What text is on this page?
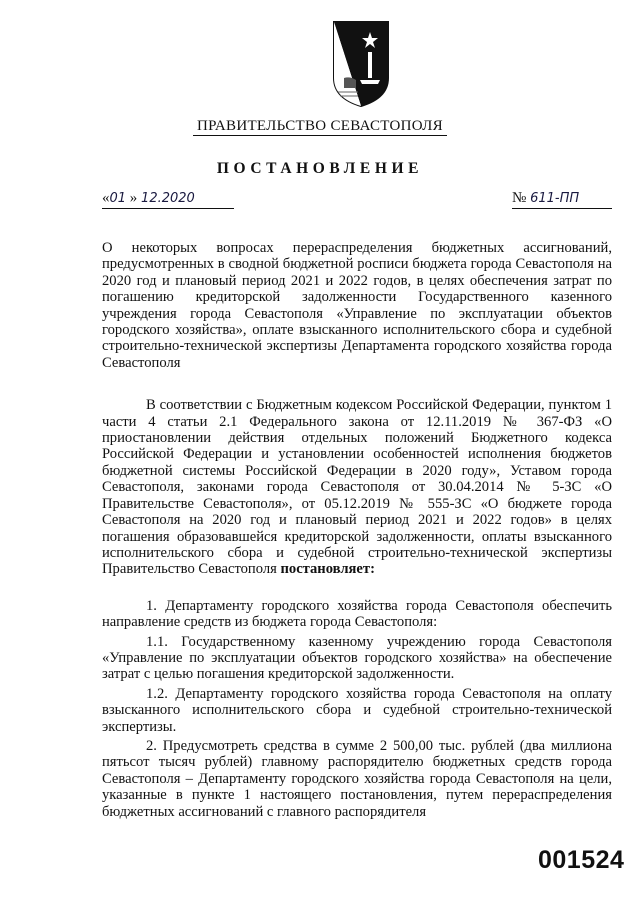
ПРАВИТЕЛЬСТВО СЕВАСТОПОЛЯ
ПОСТАНОВЛЕНИЕ
«01 » 12.2020	№ 611-ПП

О некоторых вопросах перераспределения бюджетных ассигнований, предусмотренных в сводной бюджетной росписи бюджета города Севастополя на 2020 год и плановый период 2021 и 2022 годов, в целях обеспечения затрат по погашению кредиторской задолженности Государственного казенного учреждения города Севастополя «Управление по эксплуатации объектов городского хозяйства», оплате взысканного исполнительского сбора и судебной строительно-технической экспертизы Департамента городского хозяйства города Севастополя

В соответствии с Бюджетным кодексом Российской Федерации, пунктом 1 части 4 статьи 2.1 Федерального закона от 12.11.2019 № 367-ФЗ «О приостановлении действия отдельных положений Бюджетного кодекса Российской Федерации и установлении особенностей исполнения бюджетов бюджетной системы Российской Федерации в 2020 году», Уставом города Севастополя, законами города Севастополя от 30.04.2014 № 5-ЗС «О Правительстве Севастополя», от 05.12.2019 № 555-ЗС «О бюджете города Севастополя на 2020 год и плановый период 2021 и 2022 годов» в целях погашения образовавшейся кредиторской задолженности, оплаты взысканного исполнительского сбора и судебной строительно-технической экспертизы Правительство Севастополя постановляет:

1. Департаменту городского хозяйства города Севастополя обеспечить направление средств из бюджета города Севастополя:

1.1. Государственному казенному учреждению города Севастополя «Управление по эксплуатации объектов городского хозяйства» на обеспечение затрат с целью погашения кредиторской задолженности.

1.2. Департаменту городского хозяйства города Севастополя на оплату взысканного исполнительского сбора и судебной строительно-технической экспертизы.

2. Предусмотреть средства в сумме 2 500,00 тыс. рублей (два миллиона пятьсот тысяч рублей) главному распорядителю бюджетных средств города Севастополя – Департаменту городского хозяйства города Севастополя на цели, указанные в пункте 1 настоящего постановления, путем перераспределения бюджетных ассигнований с главного распорядителя

001524
